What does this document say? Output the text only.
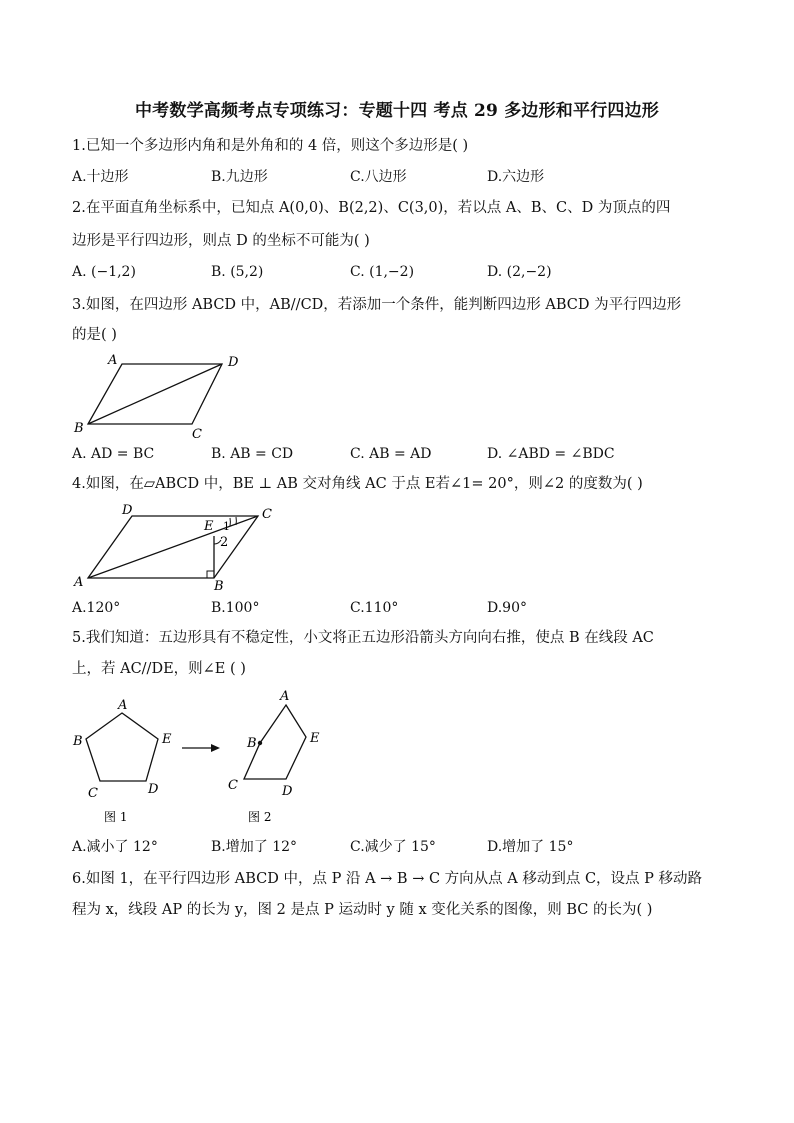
中考数学高频考点专项练习：专题十四 考点 29 多边形和平行四边形
1.已知一个多边形内角和是外角和的 4 倍，则这个多边形是( )
A.十边形	B.九边形	C.八边形	D.六边形
2.在平面直角坐标系中，已知点 A(0,0)、B(2,2)、C(3,0)，若以点 A、B、C、D 为顶点的四
边形是平行四边形，则点 D 的坐标不可能为( )
A. (−1,2)	B. (5,2)	C. (1,−2)	D. (2,−2)
3.如图，在四边形 ABCD 中，AB//CD，若添加一个条件，能判断四边形 ABCD 为平行四边形
的是( )
A	D
B	C
A. AD = BC	B. AB = CD	C. AB = AD	D. ∠ABD = ∠BDC
4.如图，在▱ABCD 中，BE ⊥ AB 交对角线 AC 于点 E若∠1= 20°，则∠2 的度数为( )
D	C
E 1
2
A	B
A.120°	B.100°	C.110°	D.90°
5.我们知道：五边形具有不稳定性，小文将正五边形沿箭头方向向右推，使点 B 在线段 AC
上，若 AC//DE，则∠E ( )
A
E
D
C
B
图 1
A
E
D
C
B
图 2
A.减小了 12°	B.增加了 12°	C.减少了 15°	D.增加了 15°
6.如图 1，在平行四边形 ABCD 中，点 P 沿 A → B → C 方向从点 A 移动到点 C，设点 P 移动路
程为 x，线段 AP 的长为 y，图 2 是点 P 运动时 y 随 x 变化关系的图像，则 BC 的长为( )
